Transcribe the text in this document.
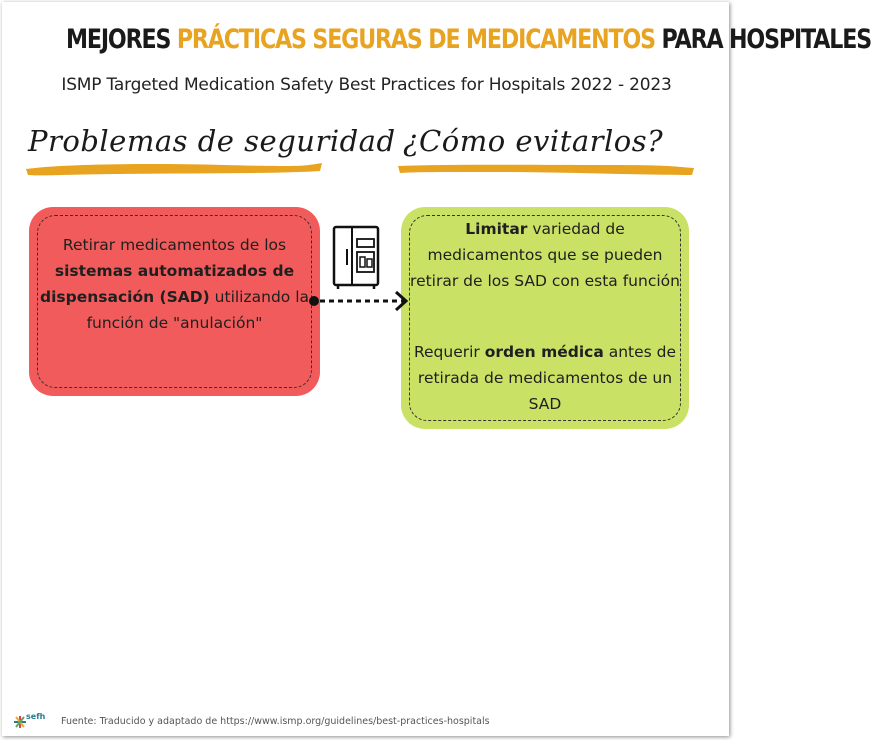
MEJORES PRÁCTICAS SEGURAS DE MEDICAMENTOS PARA HOSPITALES
ISMP Targeted Medication Safety Best Practices for Hospitals 2022 - 2023
Problemas de seguridad ¿Cómo evitarlos?
Retirar medicamentos de los sistemas automatizados de dispensación (SAD) utilizando la función de "anulación"
Limitar variedad de medicamentos que se pueden retirar de los SAD con esta función
Requerir orden médica antes de retirada de medicamentos de un SAD
sefh Fuente: Traducido y adaptado de https://www.ismp.org/guidelines/best-practices-hospitals
